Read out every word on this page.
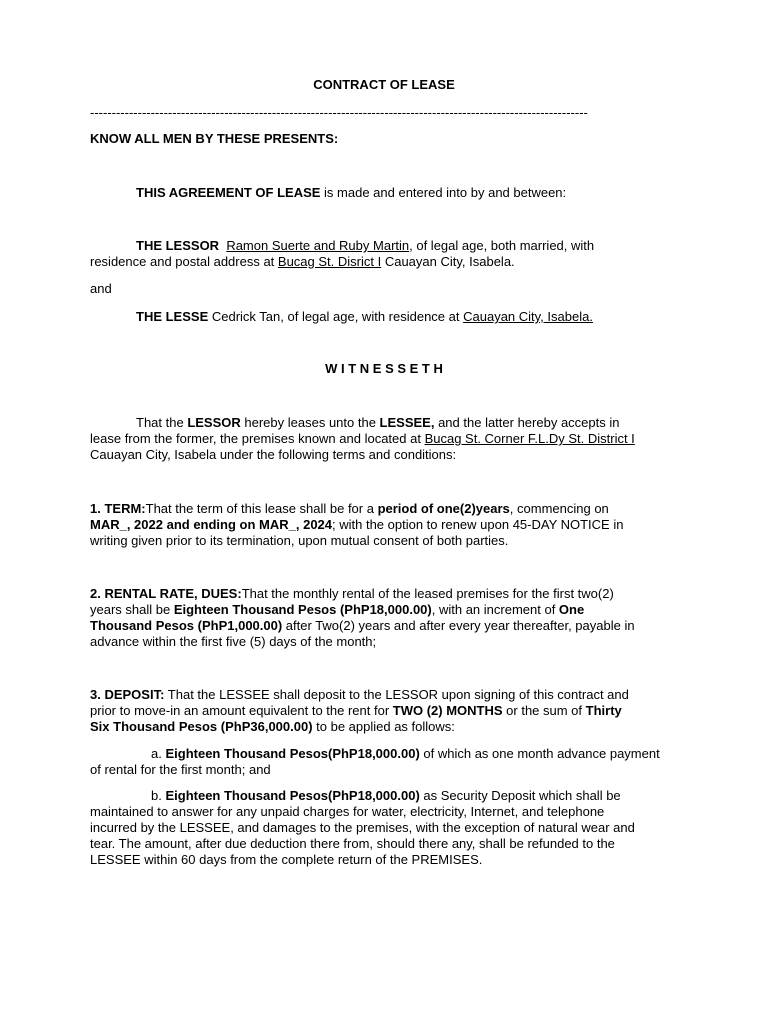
CONTRACT OF LEASE
-------------------------------------------------------------------------------------------------------------------
KNOW ALL MEN BY THESE PRESENTS:
THIS AGREEMENT OF LEASE is made and entered into by and between:
THE LESSOR Ramon Suerte and Ruby Martin, of legal age, both married, with
residence and postal address at Bucag St. Disrict I Cauayan City, Isabela.
and
THE LESSE Cedrick Tan, of legal age, with residence at Cauayan City, Isabela.
W I T N E S S E T H
That the LESSOR hereby leases unto the LESSEE, and the latter hereby accepts in
lease from the former, the premises known and located at Bucag St. Corner F.L.Dy St. District I
Cauayan City, Isabela under the following terms and conditions:
1. TERM:That the term of this lease shall be for a period of one(2)years, commencing on
MAR_, 2022 and ending on MAR_, 2024; with the option to renew upon 45-DAY NOTICE in
writing given prior to its termination, upon mutual consent of both parties.
2. RENTAL RATE, DUES:That the monthly rental of the leased premises for the first two(2)
years shall be Eighteen Thousand Pesos (PhP18,000.00), with an increment of One
Thousand Pesos (PhP1,000.00) after Two(2) years and after every year thereafter, payable in
advance within the first five (5) days of the month;
3. DEPOSIT: That the LESSEE shall deposit to the LESSOR upon signing of this contract and
prior to move-in an amount equivalent to the rent for TWO (2) MONTHS or the sum of Thirty
Six Thousand Pesos (PhP36,000.00) to be applied as follows:
a. Eighteen Thousand Pesos(PhP18,000.00) of which as one month advance payment
of rental for the first month; and
b. Eighteen Thousand Pesos(PhP18,000.00) as Security Deposit which shall be
maintained to answer for any unpaid charges for water, electricity, Internet, and telephone
incurred by the LESSEE, and damages to the premises, with the exception of natural wear and
tear. The amount, after due deduction there from, should there any, shall be refunded to the
LESSEE within 60 days from the complete return of the PREMISES.
